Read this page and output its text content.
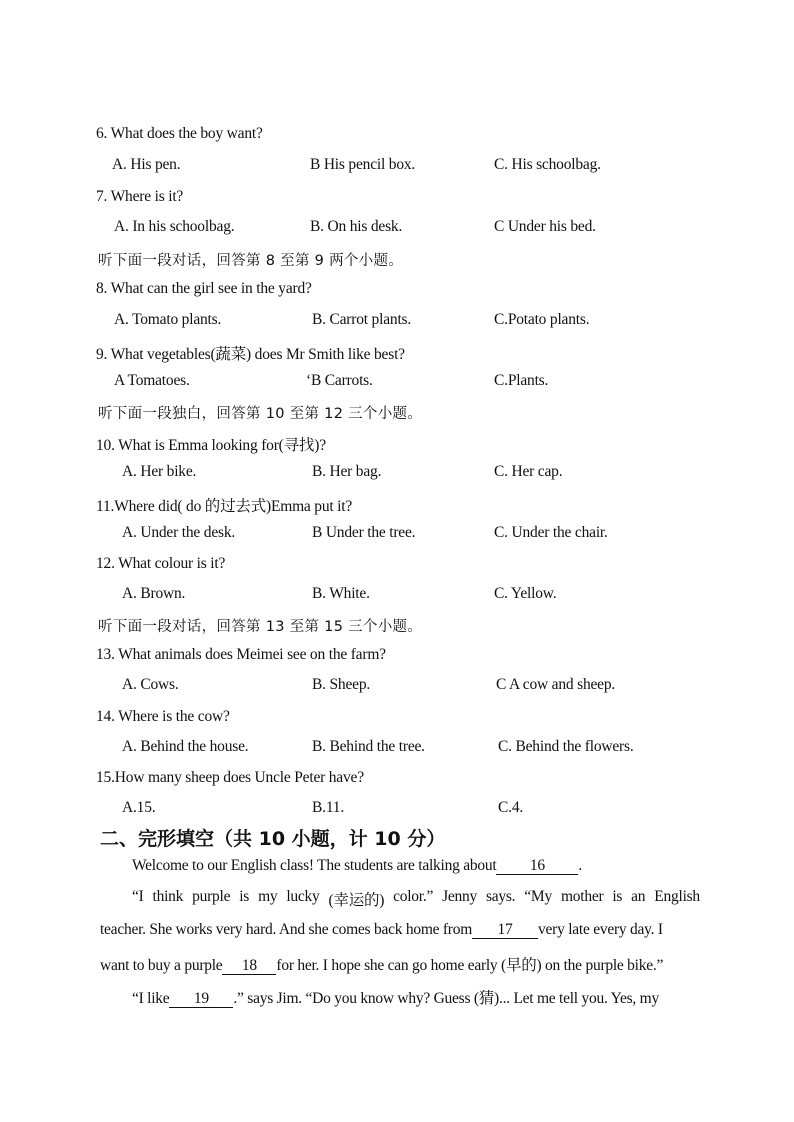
6. What does the boy want?
A. His pen.	B His pencil box.	C. His schoolbag.
7. Where is it?
A. In his schoolbag.	B. On his desk.	C Under his bed.
听下面一段对话，回答第 8 至第 9 两个小题。
8. What can the girl see in the yard?
A. Tomato plants.	B. Carrot plants.	C.Potato plants.
9. What vegetables(蔬菜) does Mr Smith like best?
A Tomatoes.	‘B Carrots.	C.Plants.
听下面一段独白，回答第 10 至第 12 三个小题。
10. What is Emma looking for(寻找)?
A. Her bike.	B. Her bag.	C. Her cap.
11.Where did( do 的过去式)Emma put it?
A. Under the desk.	B Under the tree.	C. Under the chair.
12. What colour is it?
A. Brown.	B. White.	C. Yellow.
听下面一段对话，回答第 13 至第 15 三个小题。
13. What animals does Meimei see on the farm?
A. Cows.	B. Sheep.	C A cow and sheep.
14. Where is the cow?
A. Behind the house.	B. Behind the tree.	C. Behind the flowers.
15.How many sheep does Uncle Peter have?
A.15.	B.11.	C.4.
二、完形填空（共 10 小题，计 10 分）
Welcome to our English class! The students are talking about 16 .
“I think purple is my lucky (幸运的) color.” Jenny says. “My mother is an English
teacher. She works very hard. And she comes back home from 17 very late every day. I
want to buy a purple 18 for her. I hope she can go home early (早的) on the purple bike.”
“I like 19 .” says Jim. “Do you know why? Guess (猜)... Let me tell you. Yes, my
